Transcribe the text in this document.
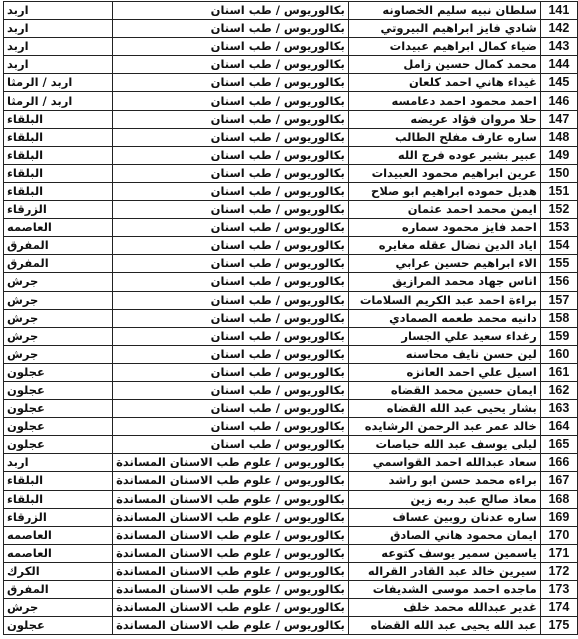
141	سلطان نبيه سليم الخصاونه	بكالوريوس / طب اسنان	اربد
142	شادي فايز ابراهيم البيروتي	بكالوريوس / طب اسنان	اربد
143	ضياء كمال ابراهيم عبيدات	بكالوريوس / طب اسنان	اربد
144	محمد كمال حسين زامل	بكالوريوس / طب اسنان	اربد
145	غيداء هاني احمد كلعان	بكالوريوس / طب اسنان	اربد / الرمثا
146	احمد محمود احمد دعامسه	بكالوريوس / طب اسنان	اربد / الرمثا
147	حلا مروان فؤاد عريضه	بكالوريوس / طب اسنان	البلقاء
148	ساره عارف مفلح الطالب	بكالوريوس / طب اسنان	البلقاء
149	عبير بشير عوده فرج الله	بكالوريوس / طب اسنان	البلقاء
150	عرين ابراهيم محمود العبيدات	بكالوريوس / طب اسنان	البلقاء
151	هديل حموده ابراهيم ابو صلاح	بكالوريوس / طب اسنان	البلقاء
152	ايمن محمد احمد عثمان	بكالوريوس / طب اسنان	الزرقاء
153	احمد فايز محمود سماره	بكالوريوس / طب اسنان	العاصمه
154	اياد الدين نضال عقله مغايره	بكالوريوس / طب اسنان	المفرق
155	الاء ابراهيم حسين عرابي	بكالوريوس / طب اسنان	المفرق
156	اناس جهاد محمد المرازيق	بكالوريوس / طب اسنان	جرش
157	براءة احمد عبد الكريم السلامات	بكالوريوس / طب اسنان	جرش
158	دانيه محمد طعمه الصمادي	بكالوريوس / طب اسنان	جرش
159	رغداء سعيد علي الجسار	بكالوريوس / طب اسنان	جرش
160	لين حسن نايف محاسنه	بكالوريوس / طب اسنان	جرش
161	اسيل علي احمد العانزه	بكالوريوس / طب اسنان	عجلون
162	ايمان حسين محمد القضاه	بكالوريوس / طب اسنان	عجلون
163	بشار يحيى عبد الله القضاه	بكالوريوس / طب اسنان	عجلون
164	خالد عمر عبد الرحمن الرشايده	بكالوريوس / طب اسنان	عجلون
165	ليلى يوسف عبد الله حياصات	بكالوريوس / طب اسنان	عجلون
166	سعاد عبدالله احمد القواسمي	بكالوريوس / علوم طب الاسنان المساندة	اربد
167	براءه محمد حسن ابو راشد	بكالوريوس / علوم طب الاسنان المساندة	البلقاء
168	معاذ صالح عبد ربه زين	بكالوريوس / علوم طب الاسنان المساندة	البلقاء
169	ساره عدنان روبين عساف	بكالوريوس / علوم طب الاسنان المساندة	الزرقاء
170	ايمان محمود هاني الصادق	بكالوريوس / علوم طب الاسنان المساندة	العاصمه
171	ياسمين سمير يوسف كتوعه	بكالوريوس / علوم طب الاسنان المساندة	العاصمه
172	سيرين خالد عبد القادر القراله	بكالوريوس / علوم طب الاسنان المساندة	الكرك
173	ماجده احمد موسى الشديفات	بكالوريوس / علوم طب الاسنان المساندة	المفرق
174	غدير عبدالله محمد خلف	بكالوريوس / علوم طب الاسنان المساندة	جرش
175	عبد الله يحيى عبد الله القضاه	بكالوريوس / علوم طب الاسنان المساندة	عجلون
